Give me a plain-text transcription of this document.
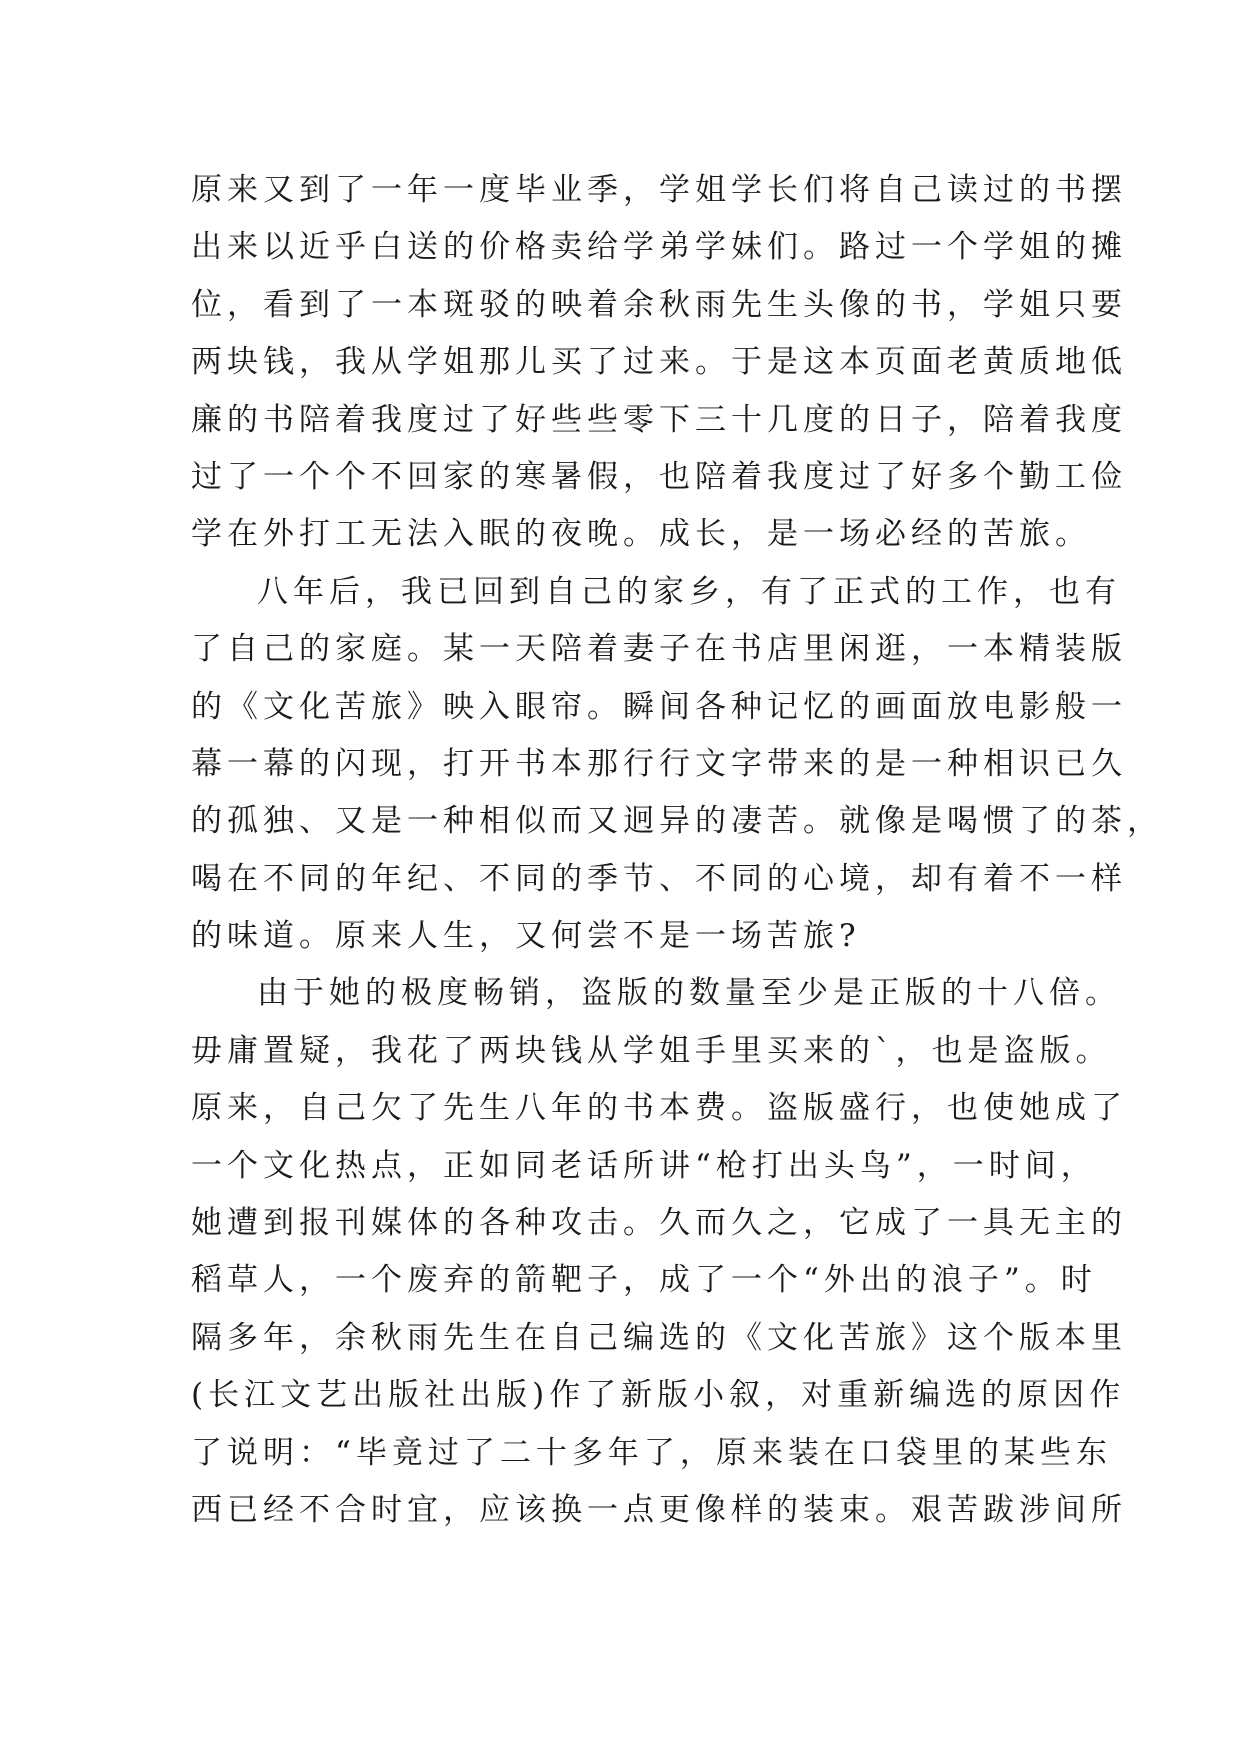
原来又到了一年一度毕业季，学姐学长们将自己读过的书摆
出来以近乎白送的价格卖给学弟学妹们。路过一个学姐的摊
位，看到了一本斑驳的映着余秋雨先生头像的书，学姐只要
两块钱，我从学姐那儿买了过来。于是这本页面老黄质地低
廉的书陪着我度过了好些些零下三十几度的日子，陪着我度
过了一个个不回家的寒暑假，也陪着我度过了好多个勤工俭
学在外打工无法入眠的夜晚。成长，是一场必经的苦旅。
八年后，我已回到自己的家乡，有了正式的工作，也有
了自己的家庭。某一天陪着妻子在书店里闲逛，一本精装版
的《文化苦旅》映入眼帘。瞬间各种记忆的画面放电影般一
幕一幕的闪现，打开书本那行行文字带来的是一种相识已久
的孤独、又是一种相似而又迥异的凄苦。就像是喝惯了的茶，
喝在不同的年纪、不同的季节、不同的心境，却有着不一样
的味道。原来人生，又何尝不是一场苦旅?
由于她的极度畅销，盗版的数量至少是正版的十八倍。
毋庸置疑，我花了两块钱从学姐手里买来的`，也是盗版。
原来，自己欠了先生八年的书本费。盗版盛行，也使她成了
一个文化热点，正如同老话所讲“枪打出头鸟”，一时间，
她遭到报刊媒体的各种攻击。久而久之，它成了一具无主的
稻草人，一个废弃的箭靶子，成了一个“外出的浪子”。时
隔多年，余秋雨先生在自己编选的《文化苦旅》这个版本里
(长江文艺出版社出版)作了新版小叙，对重新编选的原因作
了说明：“毕竟过了二十多年了，原来装在口袋里的某些东
西已经不合时宜，应该换一点更像样的装束。艰苦跋涉间所
